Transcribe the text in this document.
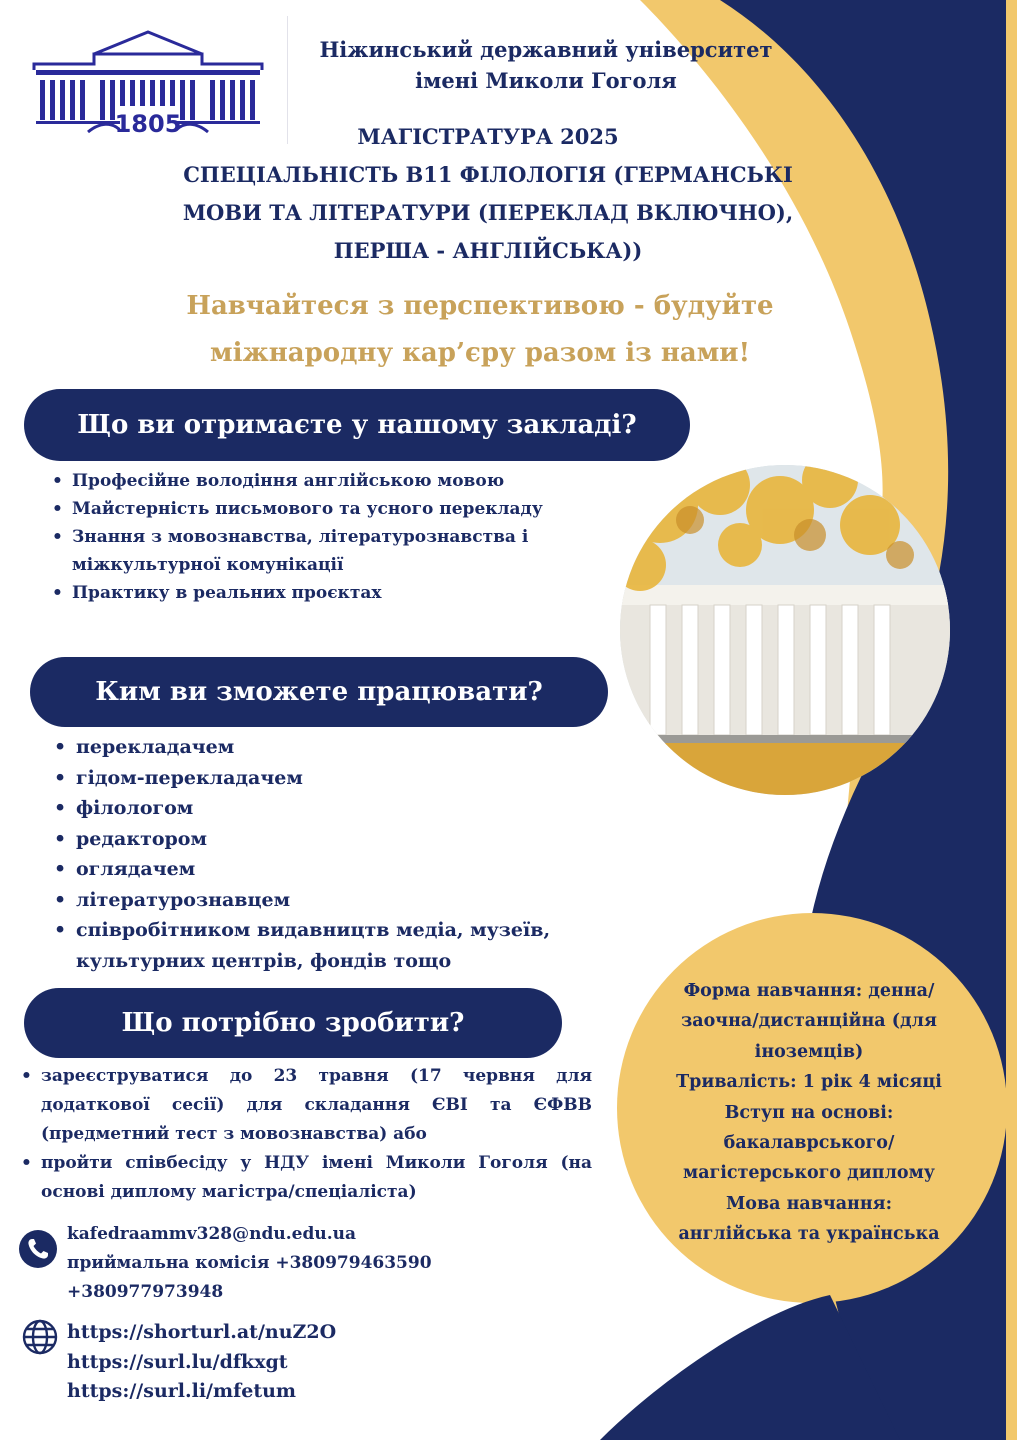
1805
Ніжинський державний університет
імені Миколи Гоголя
МАГІСТРАТУРА 2025
СПЕЦІАЛЬНІСТЬ B11 ФІЛОЛОГІЯ (ГЕРМАНСЬКІ
МОВИ ТА ЛІТЕРАТУРИ (ПЕРЕКЛАД ВКЛЮЧНО),
ПЕРША - АНГЛІЙСЬКА))
Навчайтеся з перспективою - будуйте
міжнародну кар’єру разом із нами!
Що ви отримаєте у нашому закладі?
• Професійне володіння англійською мовою
• Майстерність письмового та усного перекладу
• Знання з мовознавства, літературознавства і міжкультурної комунікації
• Практику в реальних проєктах
Ким ви зможете працювати?
• перекладачем
• гідом-перекладачем
• філологом
• редактором
• оглядачем
• літературознавцем
• співробітником видавництв медіа, музеїв, культурних центрів, фондів тощо
Що потрібно зробити?
• зареєструватися до 23 травня (17 червня для додаткової сесії) для складання ЄВІ та ЄФВВ (предметний тест з мовознавства) або
• пройти співбесіду у НДУ імені Миколи Гоголя (на основі диплому магістра/спеціаліста)
Форма навчання: денна/
заочна/дистанційна (для
іноземців)
Тривалість: 1 рік 4 місяці
Вступ на основі:
бакалаврського/
магістерського диплому
Мова навчання:
англійська та українська
kafedraammv328@ndu.edu.ua
приймальна комісія +380979463590
+380977973948
https://shorturl.at/nuZ2O
https://surl.lu/dfkxgt
https://surl.li/mfetum
